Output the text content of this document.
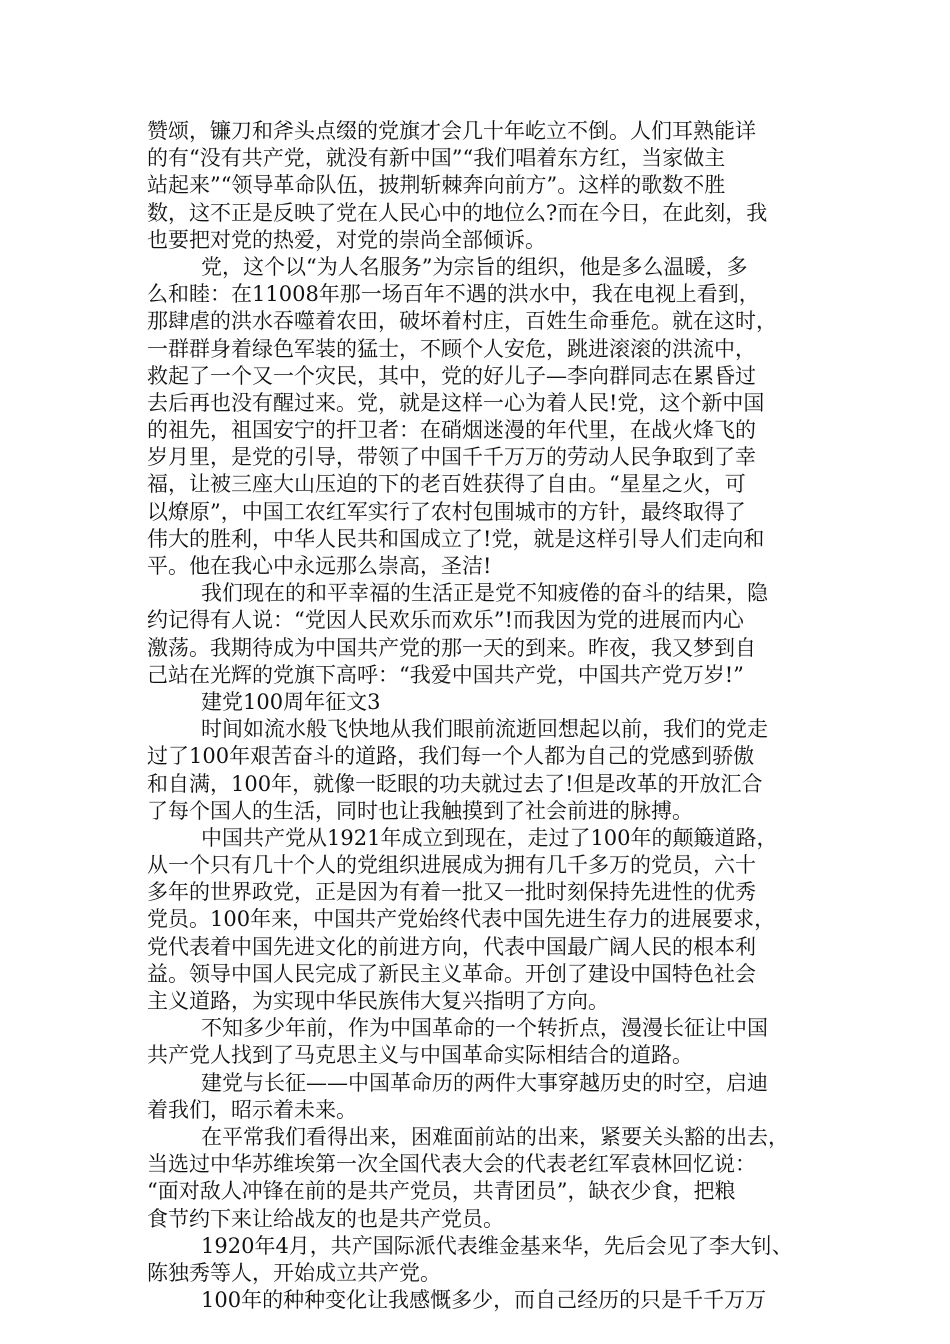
赞颂，镰刀和斧头点缀的党旗才会几十年屹立不倒。人们耳熟能详
的有“没有共产党，就没有新中国”“我们唱着东方红，当家做主
站起来”“领导革命队伍，披荆斩棘奔向前方”。这样的歌数不胜
数，这不正是反映了党在人民心中的地位么?而在今日，在此刻，我
也要把对党的热爱，对党的崇尚全部倾诉。
党，这个以“为人名服务”为宗旨的组织，他是多么温暖，多
么和睦：在11008年那一场百年不遇的洪水中，我在电视上看到，
那肆虐的洪水吞噬着农田，破坏着村庄，百姓生命垂危。就在这时，
一群群身着绿色军装的猛士，不顾个人安危，跳进滚滚的洪流中，
救起了一个又一个灾民，其中，党的好儿子—李向群同志在累昏过
去后再也没有醒过来。党，就是这样一心为着人民!党，这个新中国
的祖先，祖国安宁的扞卫者：在硝烟迷漫的年代里，在战火烽飞的
岁月里，是党的引导，带领了中国千千万万的劳动人民争取到了幸
福，让被三座大山压迫的下的老百姓获得了自由。“星星之火，可
以燎原”，中国工农红军实行了农村包围城市的方针，最终取得了
伟大的胜利，中华人民共和国成立了!党，就是这样引导人们走向和
平。他在我心中永远那么崇高，圣洁!
我们现在的和平幸福的生活正是党不知疲倦的奋斗的结果，隐
约记得有人说：“党因人民欢乐而欢乐”!而我因为党的进展而内心
激荡。我期待成为中国共产党的那一天的到来。昨夜，我又梦到自
己站在光辉的党旗下高呼：“我爱中国共产党，中国共产党万岁!”
建党100周年征文3
时间如流水般飞快地从我们眼前流逝回想起以前，我们的党走
过了100年艰苦奋斗的道路，我们每一个人都为自己的党感到骄傲
和自满，100年，就像一眨眼的功夫就过去了!但是改革的开放汇合
了每个国人的生活，同时也让我触摸到了社会前进的脉搏。
中国共产党从1921年成立到现在，走过了100年的颠簸道路，
从一个只有几十个人的党组织进展成为拥有几千多万的党员，六十
多年的世界政党，正是因为有着一批又一批时刻保持先进性的优秀
党员。100年来，中国共产党始终代表中国先进生存力的进展要求，
党代表着中国先进文化的前进方向，代表中国最广阔人民的根本利
益。领导中国人民完成了新民主义革命。开创了建设中国特色社会
主义道路，为实现中华民族伟大复兴指明了方向。
不知多少年前，作为中国革命的一个转折点，漫漫长征让中国
共产党人找到了马克思主义与中国革命实际相结合的道路。
建党与长征——中国革命历的两件大事穿越历史的时空，启迪
着我们，昭示着未来。
在平常我们看得出来，困难面前站的出来，紧要关头豁的出去，
当选过中华苏维埃第一次全国代表大会的代表老红军袁林回忆说：
“面对敌人冲锋在前的是共产党员，共青团员”，缺衣少食，把粮
食节约下来让给战友的也是共产党员。
1920年4月，共产国际派代表维金基来华，先后会见了李大钊、
陈独秀等人，开始成立共产党。
100年的种种变化让我感慨多少，而自己经历的只是千千万万
